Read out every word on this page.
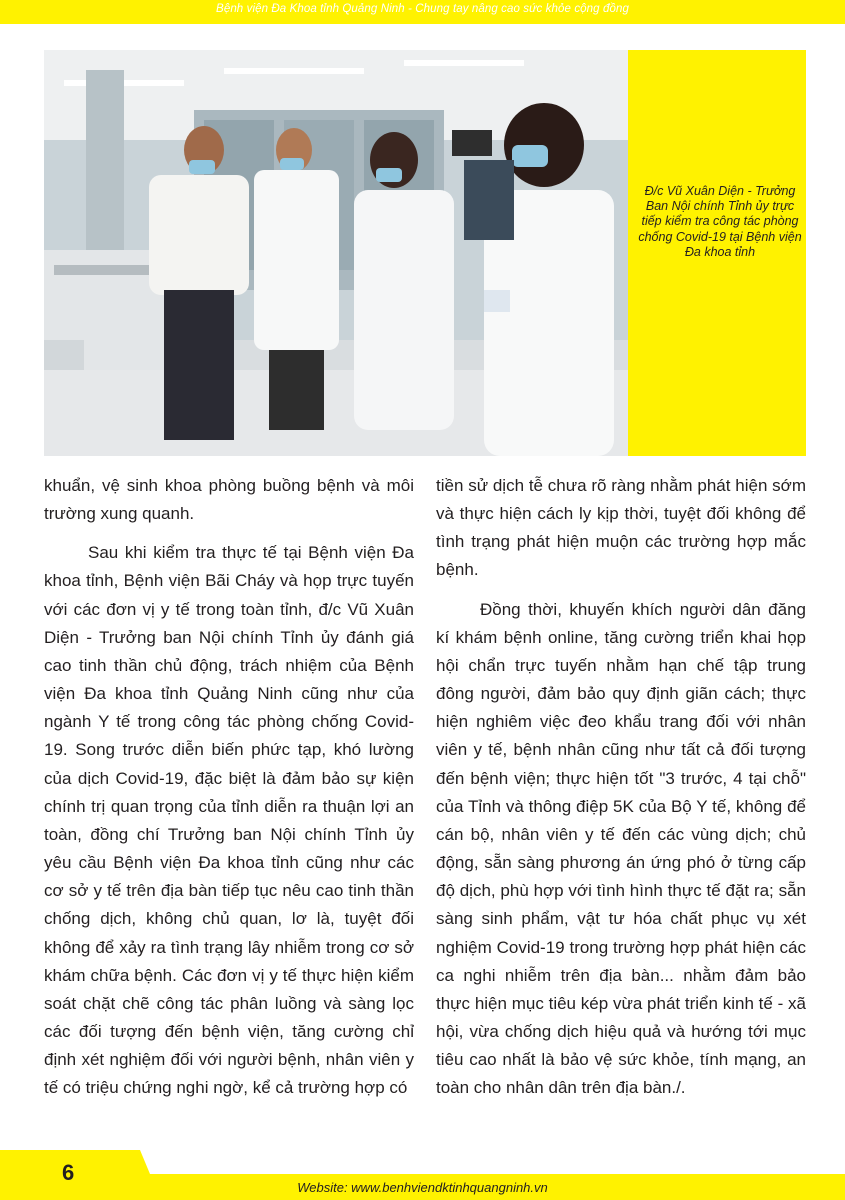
Bệnh viện Đa Khoa tỉnh Quảng Ninh - Chung tay nâng cao sức khỏe cộng đồng
Đ/c Vũ Xuân Diện - Trưởng Ban Nội chính Tỉnh ủy trực tiếp kiểm tra công tác phòng chống Covid-19 tại Bệnh viện Đa khoa tỉnh

khuẩn, vệ sinh khoa phòng buồng bệnh và môi trường xung quanh.

Sau khi kiểm tra thực tế tại Bệnh viện Đa khoa tỉnh, Bệnh viện Bãi Cháy và họp trực tuyến với các đơn vị y tế trong toàn tỉnh, đ/c Vũ Xuân Diện - Trưởng ban Nội chính Tỉnh ủy đánh giá cao tinh thần chủ động, trách nhiệm của Bệnh viện Đa khoa tỉnh Quảng Ninh cũng như của ngành Y tế trong công tác phòng chống Covid-19. Song trước diễn biến phức tạp, khó lường của dịch Covid-19, đặc biệt là đảm bảo sự kiện chính trị quan trọng của tỉnh diễn ra thuận lợi an toàn, đồng chí Trưởng ban Nội chính Tỉnh ủy yêu cầu Bệnh viện Đa khoa tỉnh cũng như các cơ sở y tế trên địa bàn tiếp tục nêu cao tinh thần chống dịch, không chủ quan, lơ là, tuyệt đối không để xảy ra tình trạng lây nhiễm trong cơ sở khám chữa bệnh. Các đơn vị y tế thực hiện kiểm soát chặt chẽ công tác phân luồng và sàng lọc các đối tượng đến bệnh viện, tăng cường chỉ định xét nghiệm đối với người bệnh, nhân viên y tế có triệu chứng nghi ngờ, kể cả trường hợp có

tiền sử dịch tễ chưa rõ ràng nhằm phát hiện sớm và thực hiện cách ly kịp thời, tuyệt đối không để tình trạng phát hiện muộn các trường hợp mắc bệnh.

Đồng thời, khuyến khích người dân đăng kí khám bệnh online, tăng cường triển khai họp hội chẩn trực tuyến nhằm hạn chế tập trung đông người, đảm bảo quy định giãn cách; thực hiện nghiêm việc đeo khẩu trang đối với nhân viên y tế, bệnh nhân cũng như tất cả đối tượng đến bệnh viện; thực hiện tốt "3 trước, 4 tại chỗ" của Tỉnh và thông điệp 5K của Bộ Y tế, không để cán bộ, nhân viên y tế đến các vùng dịch; chủ động, sẵn sàng phương án ứng phó ở từng cấp độ dịch, phù hợp với tình hình thực tế đặt ra; sẵn sàng sinh phẩm, vật tư hóa chất phục vụ xét nghiệm Covid-19 trong trường hợp phát hiện các ca nghi nhiễm trên địa bàn... nhằm đảm bảo thực hiện mục tiêu kép vừa phát triển kinh tế - xã hội, vừa chống dịch hiệu quả và hướng tới mục tiêu cao nhất là bảo vệ sức khỏe, tính mạng, an toàn cho nhân dân trên địa bàn./.

6
Website: www.benhviendktinhquangninh.vn
